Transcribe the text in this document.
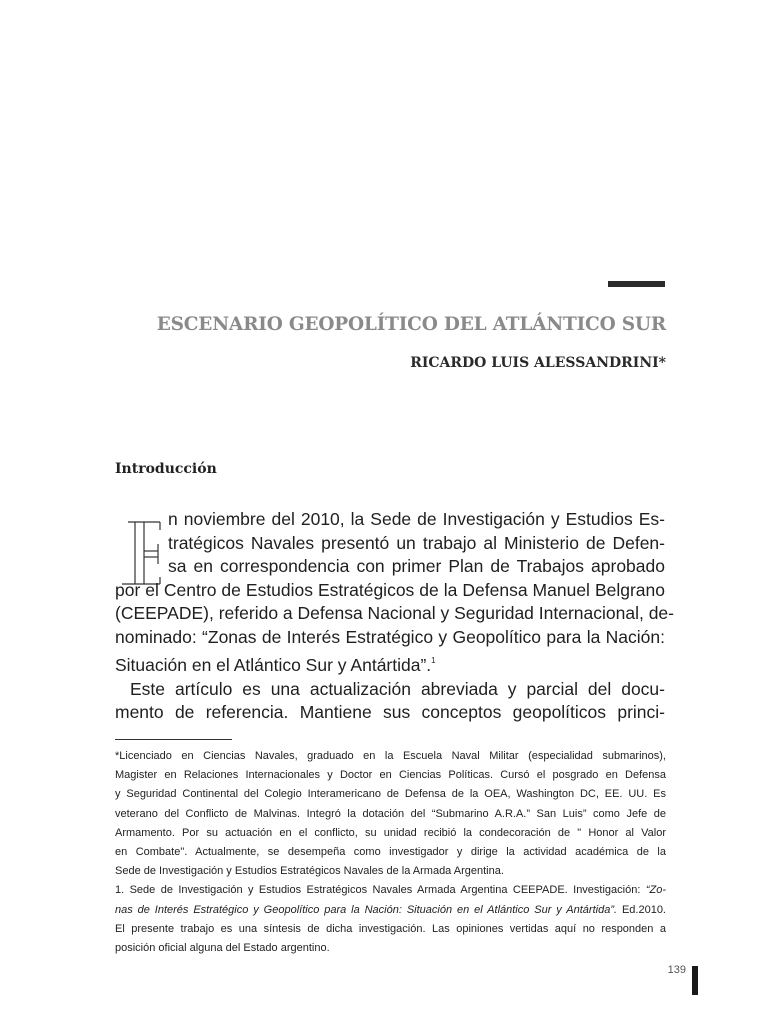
ESCENARIO GEOPOLÍTICO DEL ATLÁNTICO SUR
RICARDO LUIS ALESSANDRINI*
Introducción
E	n noviembre del 2010, la Sede de Investigación y Estudios Es-
tratégicos Navales presentó un trabajo al Ministerio de Defen-
sa en correspondencia con primer Plan de Trabajos aprobado
por el Centro de Estudios Estratégicos de la Defensa Manuel Belgrano
(CEEPADE), referido a Defensa Nacional y Seguridad Internacional, de-
nominado: “Zonas de Interés Estratégico y Geopolítico para la Nación:
Situación en el Atlántico Sur y Antártida”.$^1$
Este artículo es una actualización abreviada y parcial del docu-
mento de referencia. Mantiene sus conceptos geopolíticos princi-
*Licenciado en Ciencias Navales, graduado en la Escuela Naval Militar (especialidad submarinos),
Magister en Relaciones Internacionales y Doctor en Ciencias Políticas. Cursó el posgrado en Defensa
y Seguridad Continental del Colegio Interamericano de Defensa de la OEA, Washington DC, EE. UU. Es
veterano del Conflicto de Malvinas. Integró la dotación del “Submarino A.R.A.” San Luis” como Jefe de
Armamento. Por su actuación en el conflicto, su unidad recibió la condecoración de " Honor al Valor
en Combate". Actualmente, se desempeña como investigador y dirige la actividad académica de la
Sede de Investigación y Estudios Estratégicos Navales de la Armada Argentina.
1. Sede de Investigación y Estudios Estratégicos Navales Armada Argentina CEEPADE. Investigación: “Zo-
nas de Interés Estratégico y Geopolítico para la Nación: Situación en el Atlántico Sur y Antártida”. Ed.2010.
El presente trabajo es una síntesis de dicha investigación. Las opiniones vertidas aquí no responden a
posición oficial alguna del Estado argentino.
139
